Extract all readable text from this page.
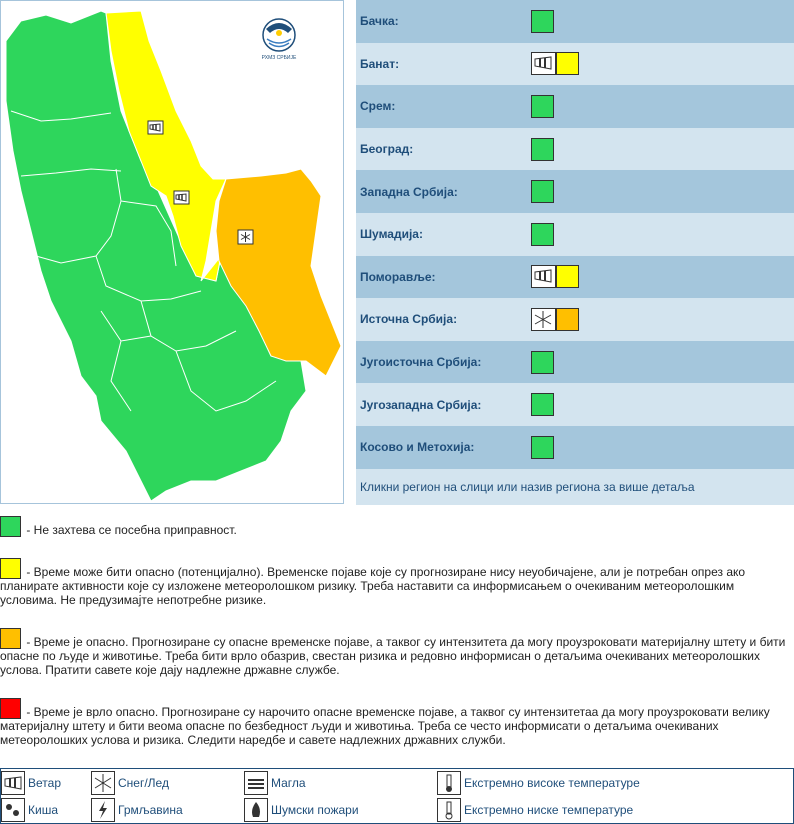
РХМЗ СРБИЈЕ
Бачка:
Банат:
Срем:
Београд:
Западна Србија:
Шумадија:
Поморавље:
Источна Србија:
Југоисточна Србија:
Југозападна Србија:
Косово и Метохија:
Кликни регион на слици или назив региона за више детаља
- Не захтева се посебна приправност.
- Време може бити опасно (потенцијално). Временске појаве које су прогнозиране нису неуобичајене, али је потребан опрез ако планирате активности које су изложене метеоролошком ризику. Треба наставити са информисањем о очекиваним метеоролошким условима. Не предузимајте непотребне ризике.
- Време је опасно. Прогнозиране су опасне временске појаве, а таквог су интензитета да могу проузроковати материјалну штету и бити опасне по људе и животиње. Треба бити врло обазрив, свестан ризика и редовно информисан о детаљима очекиваних метеоролошких услова. Пратити савете које дају надлежне државне службе.
- Време је врло опасно. Прогнозиране су нарочито опасне временске појаве, а таквог су интензитетаа да могу проузроковати велику материјалну штету и бити веома опасне по безбедност људи и животиња. Треба се често информисати о детаљима очекиваних метеоролошких услова и ризика. Следити наредбе и савете надлежних државних служби.
Ветар	Снег/Лед	Магла	Екстремно високе температуре
Киша	Грмљавина	Шумски пожари	Екстремно ниске температуре
